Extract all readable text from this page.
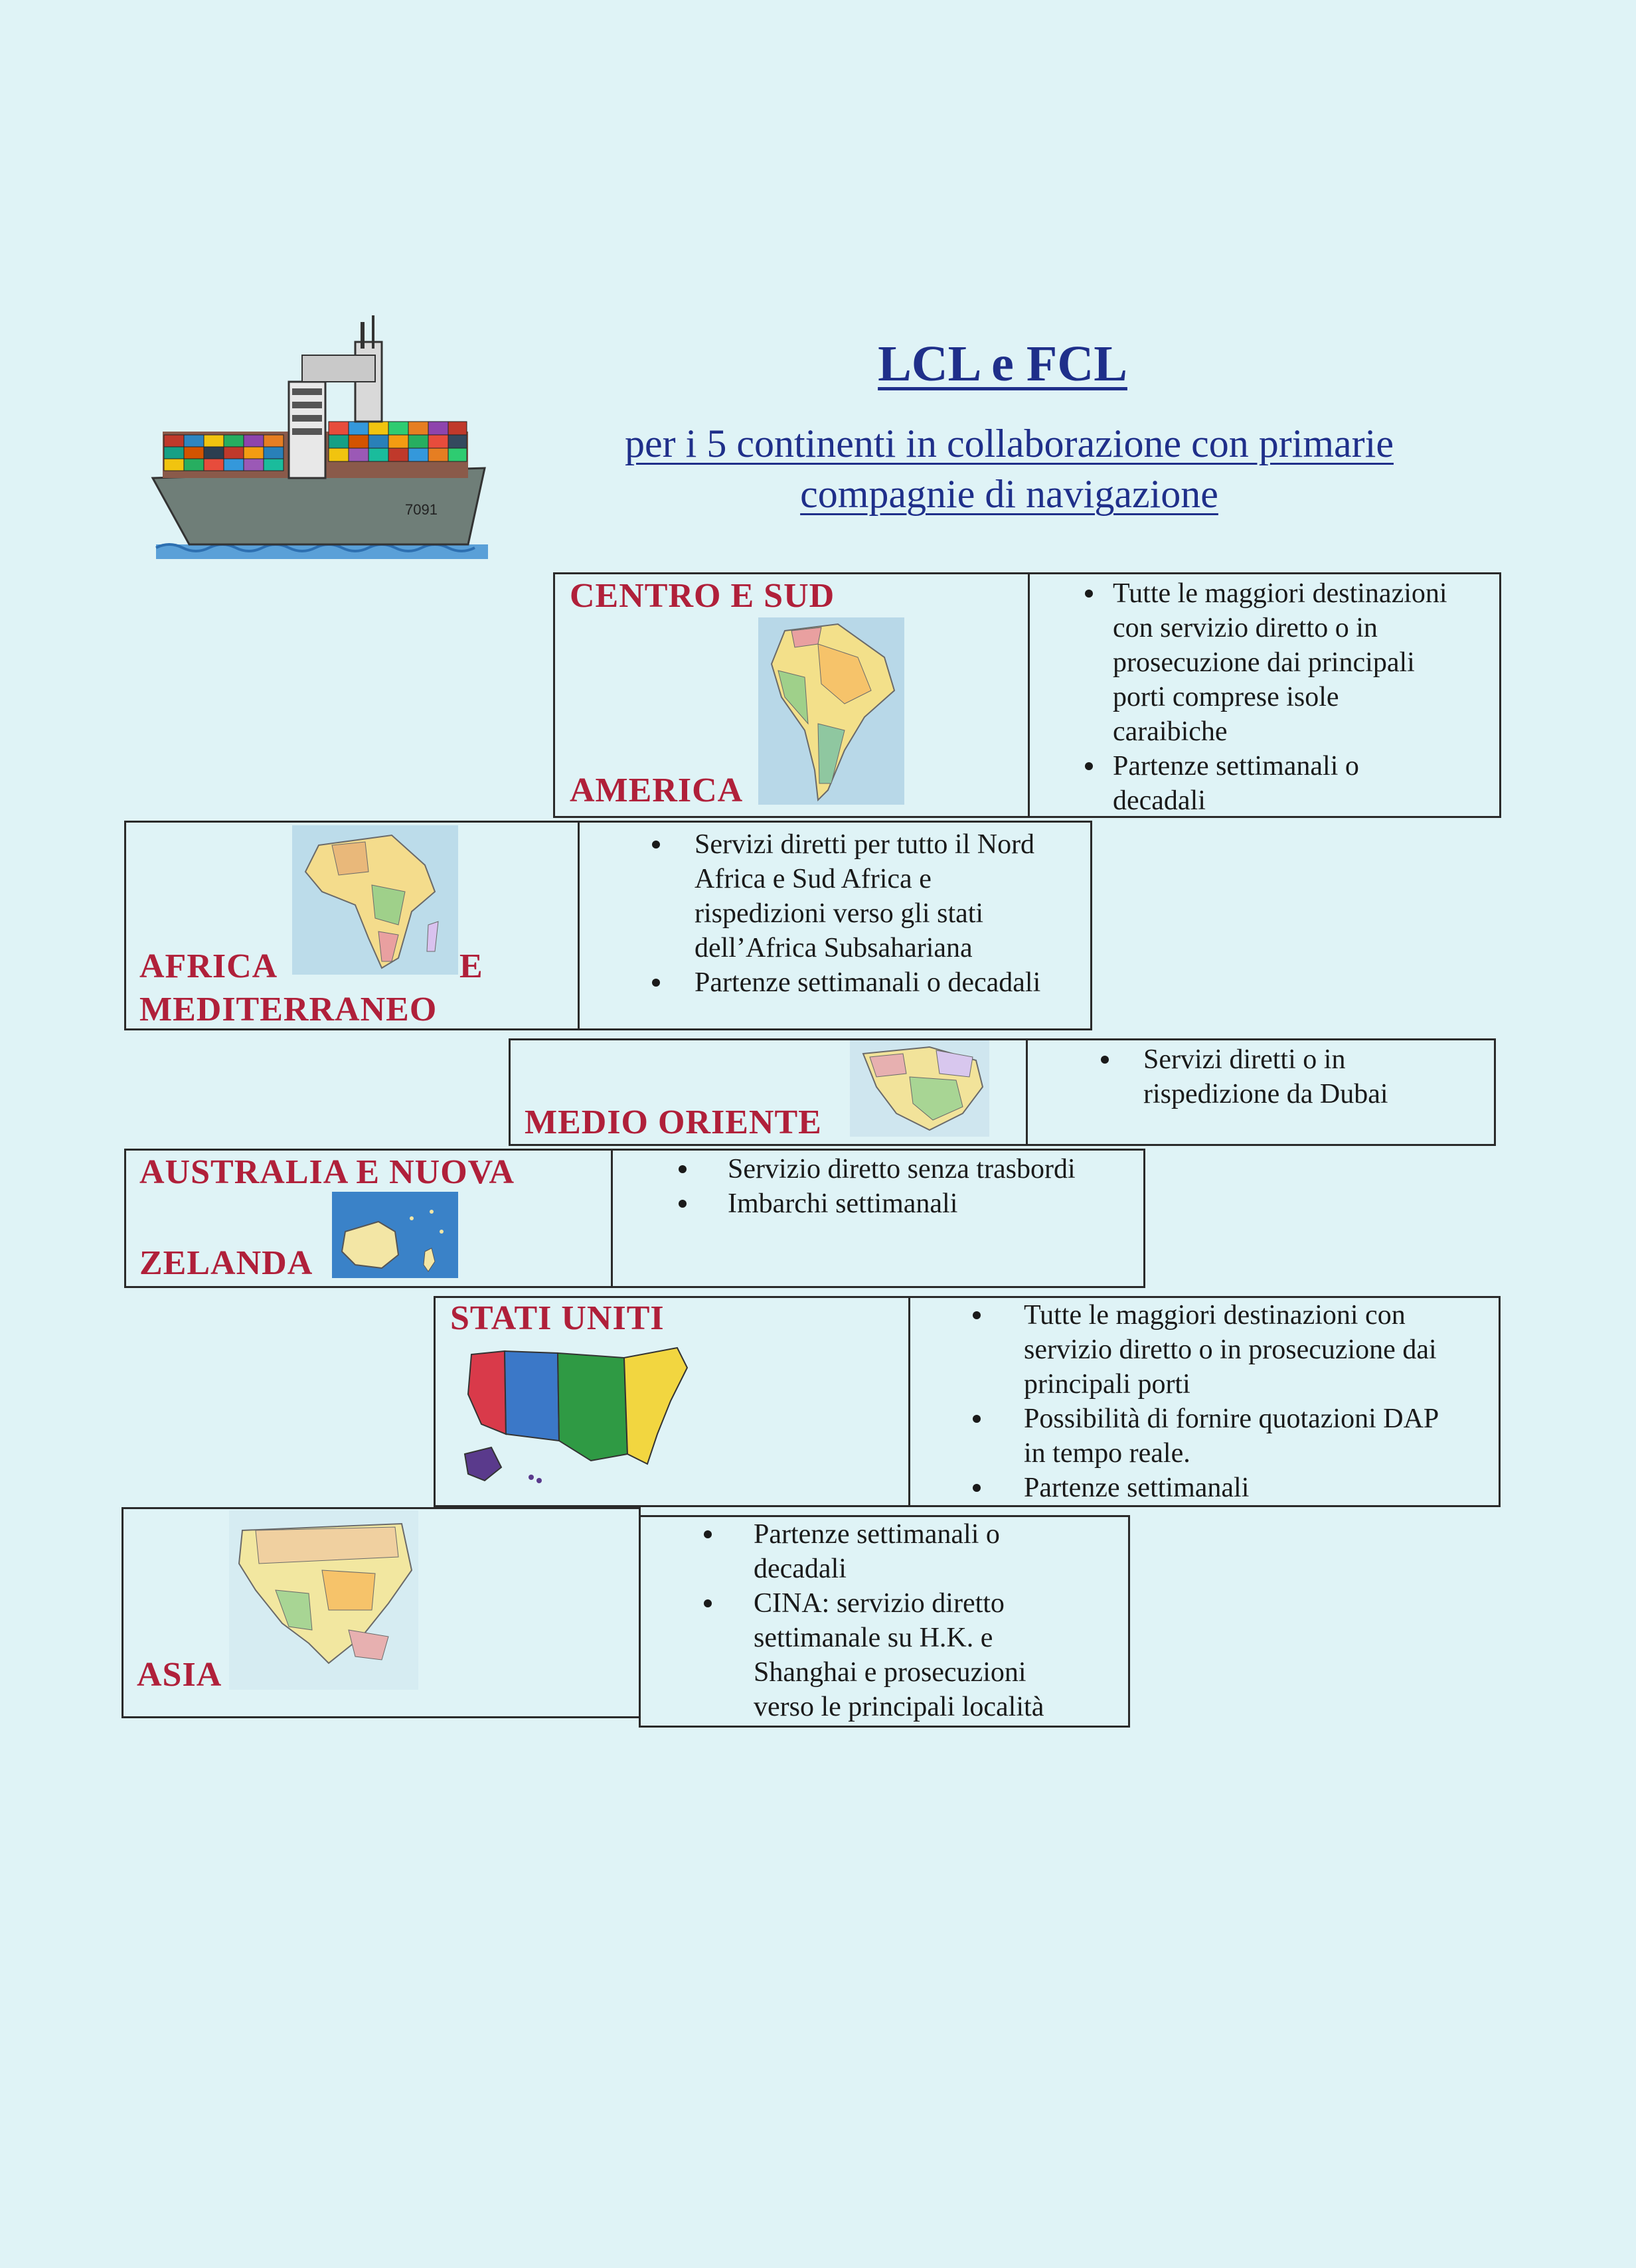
7091
LCL e FCL
per i 5 continenti in collaborazione con primarie
compagnie di navigazione
CENTRO E SUD
AMERICA
Tutte le maggiori destinazioni
con servizio diretto o in
prosecuzione dai principali
porti comprese isole
caraibiche
Partenze settimanali o
decadali
AFRICA	E
MEDITERRANEO
Servizi diretti per tutto il Nord
Africa e Sud Africa e
rispedizioni verso gli stati
dell’Africa Subsahariana
Partenze settimanali o decadali
MEDIO ORIENTE
Servizi diretti o in
rispedizione da Dubai
AUSTRALIA E NUOVA
ZELANDA
Servizio diretto senza trasbordi
Imbarchi settimanali
STATI UNITI	Tutte le maggiori destinazioni con
servizio diretto o in prosecuzione dai
principali porti
Possibilità di fornire quotazioni DAP
in tempo reale.
Partenze settimanali
ASIA
Partenze settimanali o
decadali
CINA: servizio diretto
settimanale su H.K. e
Shanghai e prosecuzioni
verso le principali località
